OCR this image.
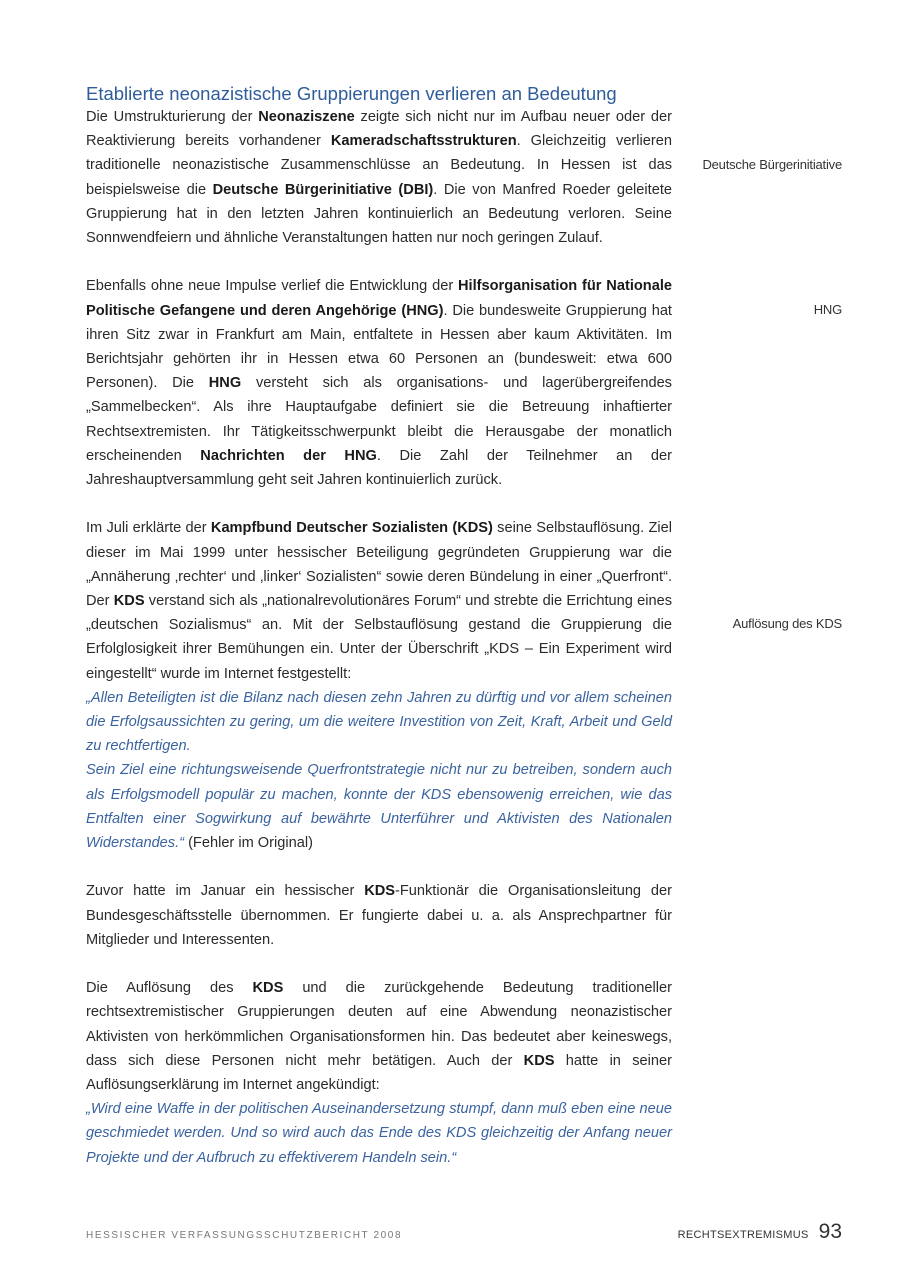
Etablierte neonazistische Gruppierungen verlieren an Bedeutung

Die Umstrukturierung der Neonaziszene zeigte sich nicht nur im Aufbau neuer oder der Reaktivierung bereits vorhandener Kameradschaftsstrukturen. Gleichzeitig verlieren traditionelle neonazistische Zusammenschlüsse an Bedeutung. In Hessen ist das beispielsweise die Deutsche Bürgerinitiative (DBI). Die von Manfred Roeder geleitete Gruppierung hat in den letzten Jahren kontinuierlich an Bedeutung verloren. Seine Sonnwendfeiern und ähnliche Veranstaltungen hatten nur noch geringen Zulauf.

Ebenfalls ohne neue Impulse verlief die Entwicklung der Hilfsorganisation für Nationale Politische Gefangene und deren Angehörige (HNG). Die bundesweite Gruppierung hat ihren Sitz zwar in Frankfurt am Main, entfaltete in Hessen aber kaum Aktivitäten. Im Berichtsjahr gehörten ihr in Hessen etwa 60 Personen an (bundesweit: etwa 600 Personen). Die HNG versteht sich als organisations- und lagerübergreifendes „Sammelbecken“. Als ihre Hauptaufgabe definiert sie die Betreuung inhaftierter Rechtsextremisten. Ihr Tätigkeitsschwerpunkt bleibt die Herausgabe der monatlich erscheinenden Nachrichten der HNG. Die Zahl der Teilnehmer an der Jahreshauptversammlung geht seit Jahren kontinuierlich zurück.

Im Juli erklärte der Kampfbund Deutscher Sozialisten (KDS) seine Selbstauflösung. Ziel dieser im Mai 1999 unter hessischer Beteiligung gegründeten Gruppierung war die „Annäherung ‚rechter‘ und ‚linker‘ Sozialisten“ sowie deren Bündelung in einer „Querfront“. Der KDS verstand sich als „nationalrevolutionäres Forum“ und strebte die Errichtung eines „deutschen Sozialismus“ an. Mit der Selbstauflösung gestand die Gruppierung die Erfolglosigkeit ihrer Bemühungen ein. Unter der Überschrift „KDS – Ein Experiment wird eingestellt“ wurde im Internet festgestellt:

„Allen Beteiligten ist die Bilanz nach diesen zehn Jahren zu dürftig und vor allem scheinen die Erfolgsaussichten zu gering, um die weitere Investition von Zeit, Kraft, Arbeit und Geld zu rechtfertigen.

Sein Ziel eine richtungsweisende Querfrontstrategie nicht nur zu betreiben, sondern auch als Erfolgsmodell populär zu machen, konnte der KDS ebensowenig erreichen, wie das Entfalten einer Sogwirkung auf bewährte Unterführer und Aktivisten des Nationalen Widerstandes.“ (Fehler im Original)

Zuvor hatte im Januar ein hessischer KDS-Funktionär die Organisationsleitung der Bundesgeschäftsstelle übernommen. Er fungierte dabei u. a. als Ansprechpartner für Mitglieder und Interessenten.

Die Auflösung des KDS und die zurückgehende Bedeutung traditioneller rechtsextremistischer Gruppierungen deuten auf eine Abwendung neonazistischer Aktivisten von herkömmlichen Organisationsformen hin. Das bedeutet aber keineswegs, dass sich diese Personen nicht mehr betätigen. Auch der KDS hatte in seiner Auflösungserklärung im Internet angekündigt:

„Wird eine Waffe in der politischen Auseinandersetzung stumpf, dann muß eben eine neue geschmiedet werden. Und so wird auch das Ende des KDS gleichzeitig der Anfang neuer Projekte und der Aufbruch zu effektiverem Handeln sein.“

Deutsche Bürgerinitiative
HNG
Auflösung des KDS
HESSISCHER VERFASSUNGSSCHUTZBERICHT 2008	RECHTSEXTREMISMUS 93
